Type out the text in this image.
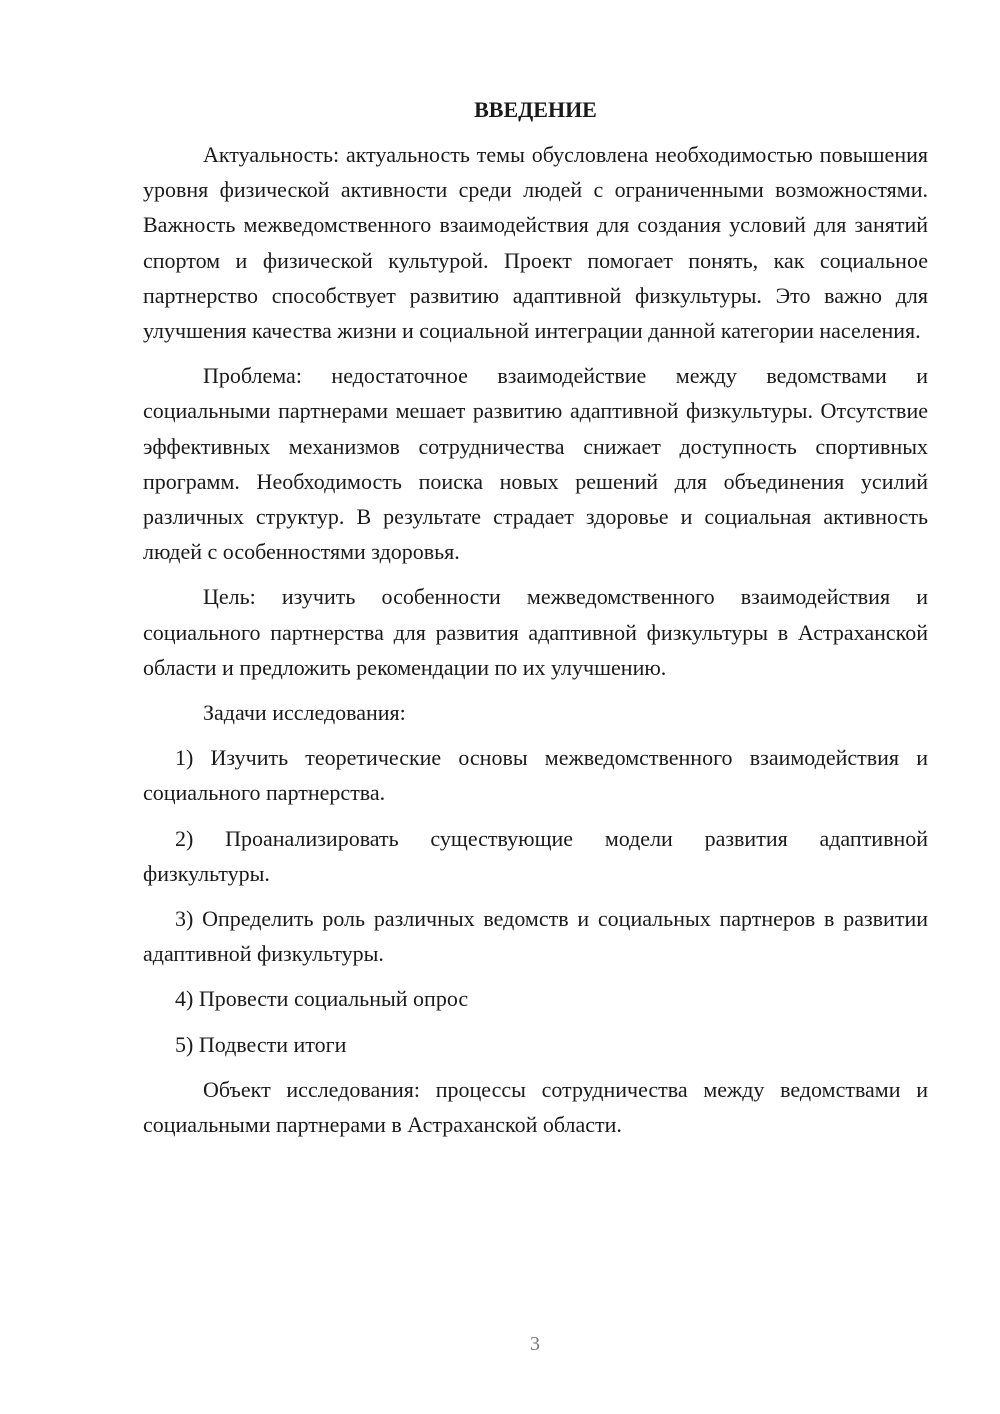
ВВЕДЕНИЕ

Актуальность: актуальность темы обусловлена необходимостью повышения уровня физической активности среди людей с ограниченными возможностями. Важность межведомственного взаимодействия для создания условий для занятий спортом и физической культурой. Проект помогает понять, как социальное партнерство способствует развитию адаптивной физкультуры. Это важно для улучшения качества жизни и социальной интеграции данной категории населения.

Проблема: недостаточное взаимодействие между ведомствами и социальными партнерами мешает развитию адаптивной физкультуры. Отсутствие эффективных механизмов сотрудничества снижает доступность спортивных программ. Необходимость поиска новых решений для объединения усилий различных структур. В результате страдает здоровье и социальная активность людей с особенностями здоровья.

Цель: изучить особенности межведомственного взаимодействия и социального партнерства для развития адаптивной физкультуры в Астраханской области и предложить рекомендации по их улучшению.

Задачи исследования:

1) Изучить теоретические основы межведомственного взаимодействия и социального партнерства.

2) Проанализировать существующие модели развития адаптивной физкультуры.

3) Определить роль различных ведомств и социальных партнеров в развитии адаптивной физкультуры.

4) Провести социальный опрос

5) Подвести итоги

Объект исследования: процессы сотрудничества между ведомствами и социальными партнерами в Астраханской области.

3
